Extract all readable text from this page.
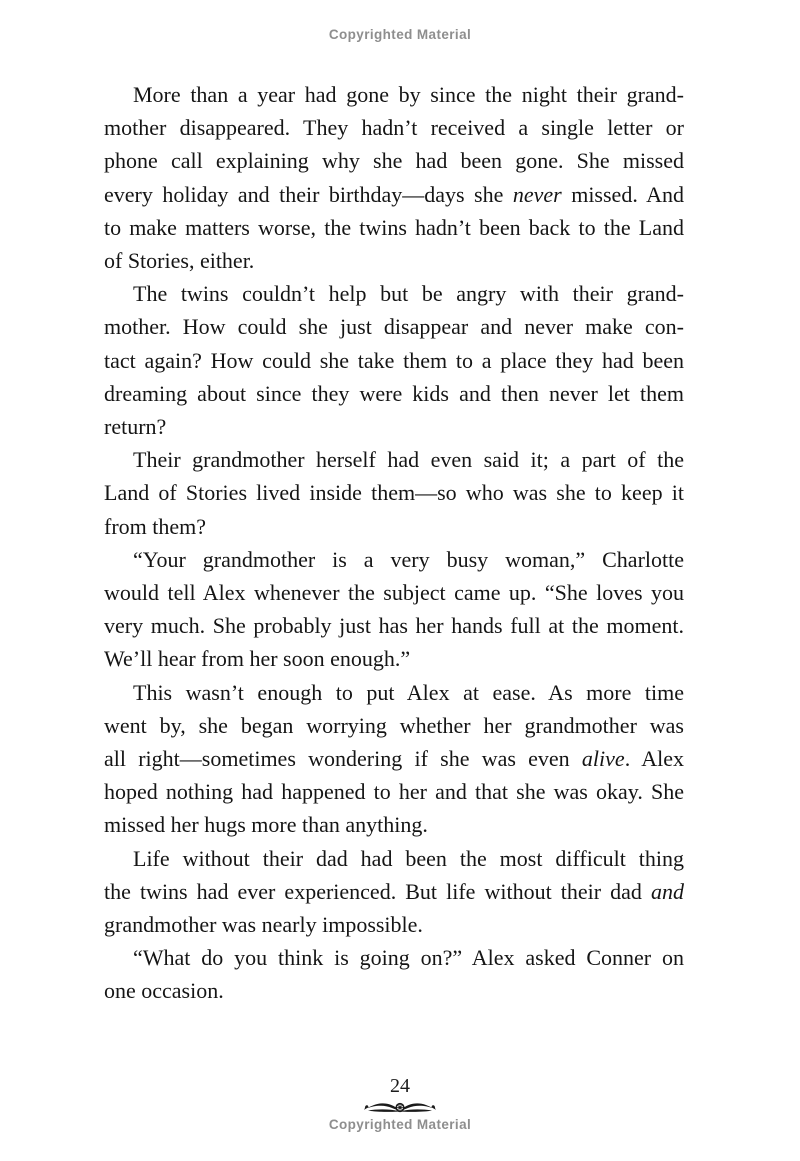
Copyrighted Material
More than a year had gone by since the night their grand-
mother disappeared. They hadn’t received a single letter or
phone call explaining why she had been gone. She missed
every holiday and their birthday—days she never missed. And
to make matters worse, the twins hadn’t been back to the Land
of Stories, either.
The twins couldn’t help but be angry with their grand-
mother. How could she just disappear and never make con-
tact again? How could she take them to a place they had been
dreaming about since they were kids and then never let them
return?
Their grandmother herself had even said it; a part of the
Land of Stories lived inside them—so who was she to keep it
from them?
“Your grandmother is a very busy woman,” Charlotte
would tell Alex whenever the subject came up. “She loves you
very much. She probably just has her hands full at the moment.
We’ll hear from her soon enough.”
This wasn’t enough to put Alex at ease. As more time
went by, she began worrying whether her grandmother was
all right—sometimes wondering if she was even alive. Alex
hoped nothing had happened to her and that she was okay. She
missed her hugs more than anything.
Life without their dad had been the most difficult thing
the twins had ever experienced. But life without their dad and
grandmother was nearly impossible.
“What do you think is going on?” Alex asked Conner on
one occasion.
24
Copyrighted Material
